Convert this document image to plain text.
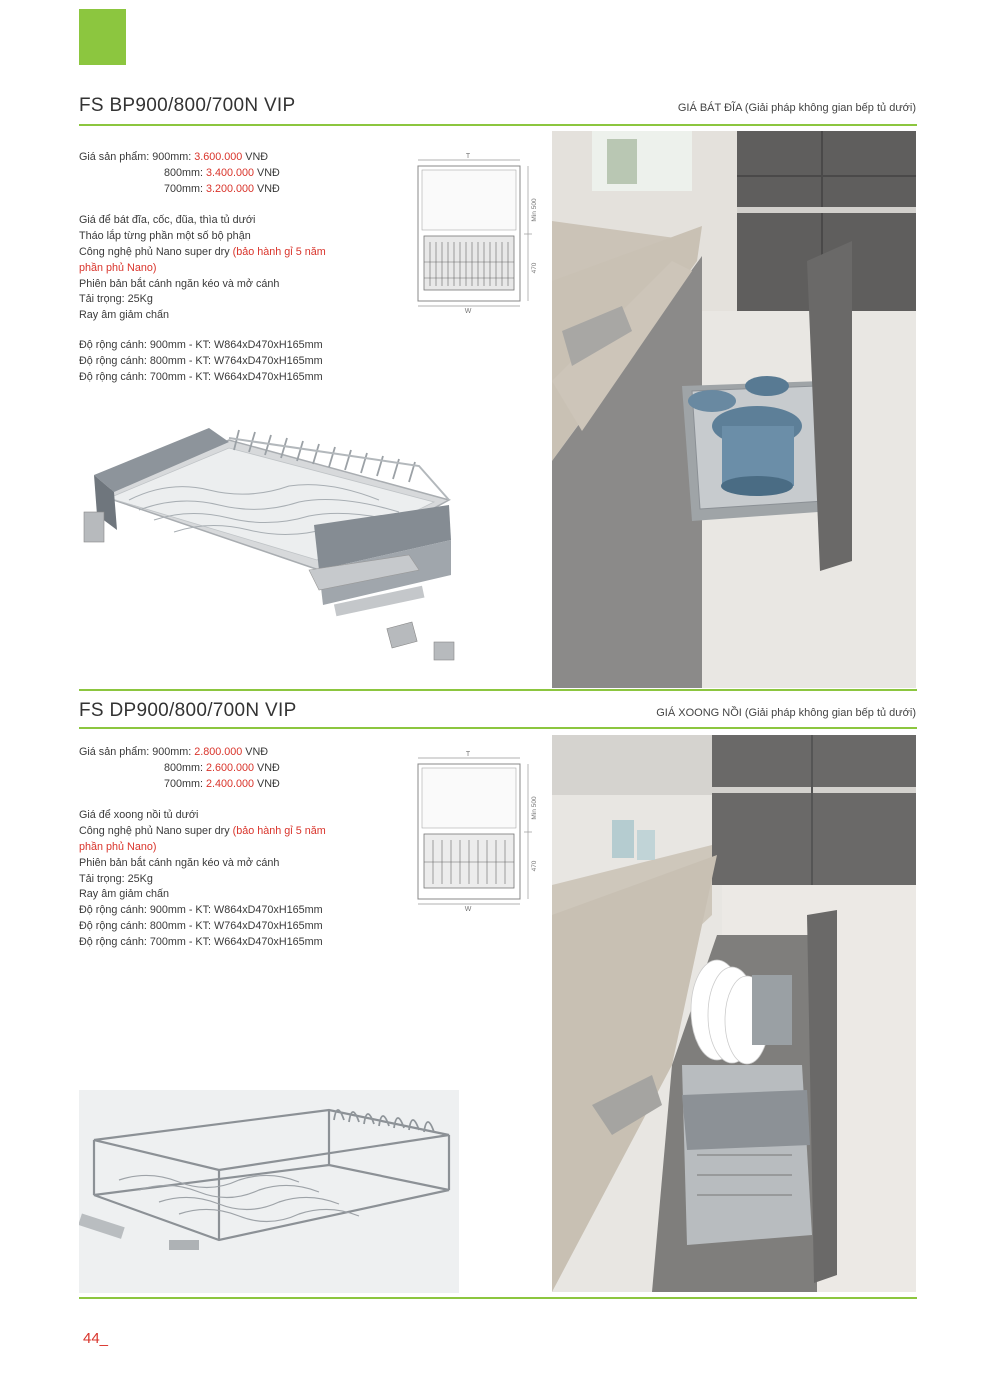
FS BP900/800/700N VIP	GIÁ BÁT ĐĨA (Giải pháp không gian bếp tủ dưới)
Giá sản phẩm: 900mm: 3.600.000 VNĐ
800mm: 3.400.000 VNĐ
700mm: 3.200.000 VNĐ
Giá để bát đĩa, cốc, đũa, thìa tủ dưới
Tháo lắp từng phần một số bộ phận
Công nghệ phủ Nano super dry (bảo hành gỉ 5 năm
phần phủ Nano)
Phiên bản bắt cánh ngăn kéo và mở cánh
Tải trọng: 25Kg
Ray âm giảm chấn
Độ rộng cánh: 900mm - KT: W864xD470xH165mm
Độ rộng cánh: 800mm - KT: W764xD470xH165mm
Độ rộng cánh: 700mm - KT: W664xD470xH165mm
T
Min 500
470
W
FS DP900/800/700N VIP	GIÁ XOONG NỒI (Giải pháp không gian bếp tủ dưới)
Giá sản phẩm: 900mm: 2.800.000 VNĐ
800mm: 2.600.000 VNĐ
700mm: 2.400.000 VNĐ
Giá để xoong nồi tủ dưới
Công nghệ phủ Nano super dry (bảo hành gỉ 5 năm
phần phủ Nano)
Phiên bản bắt cánh ngăn kéo và mở cánh
Tải trọng: 25Kg
Ray âm giảm chấn
Độ rộng cánh: 900mm - KT: W864xD470xH165mm
Độ rộng cánh: 800mm - KT: W764xD470xH165mm
Độ rộng cánh: 700mm - KT: W664xD470xH165mm
T
Min 500
470
W
44_
